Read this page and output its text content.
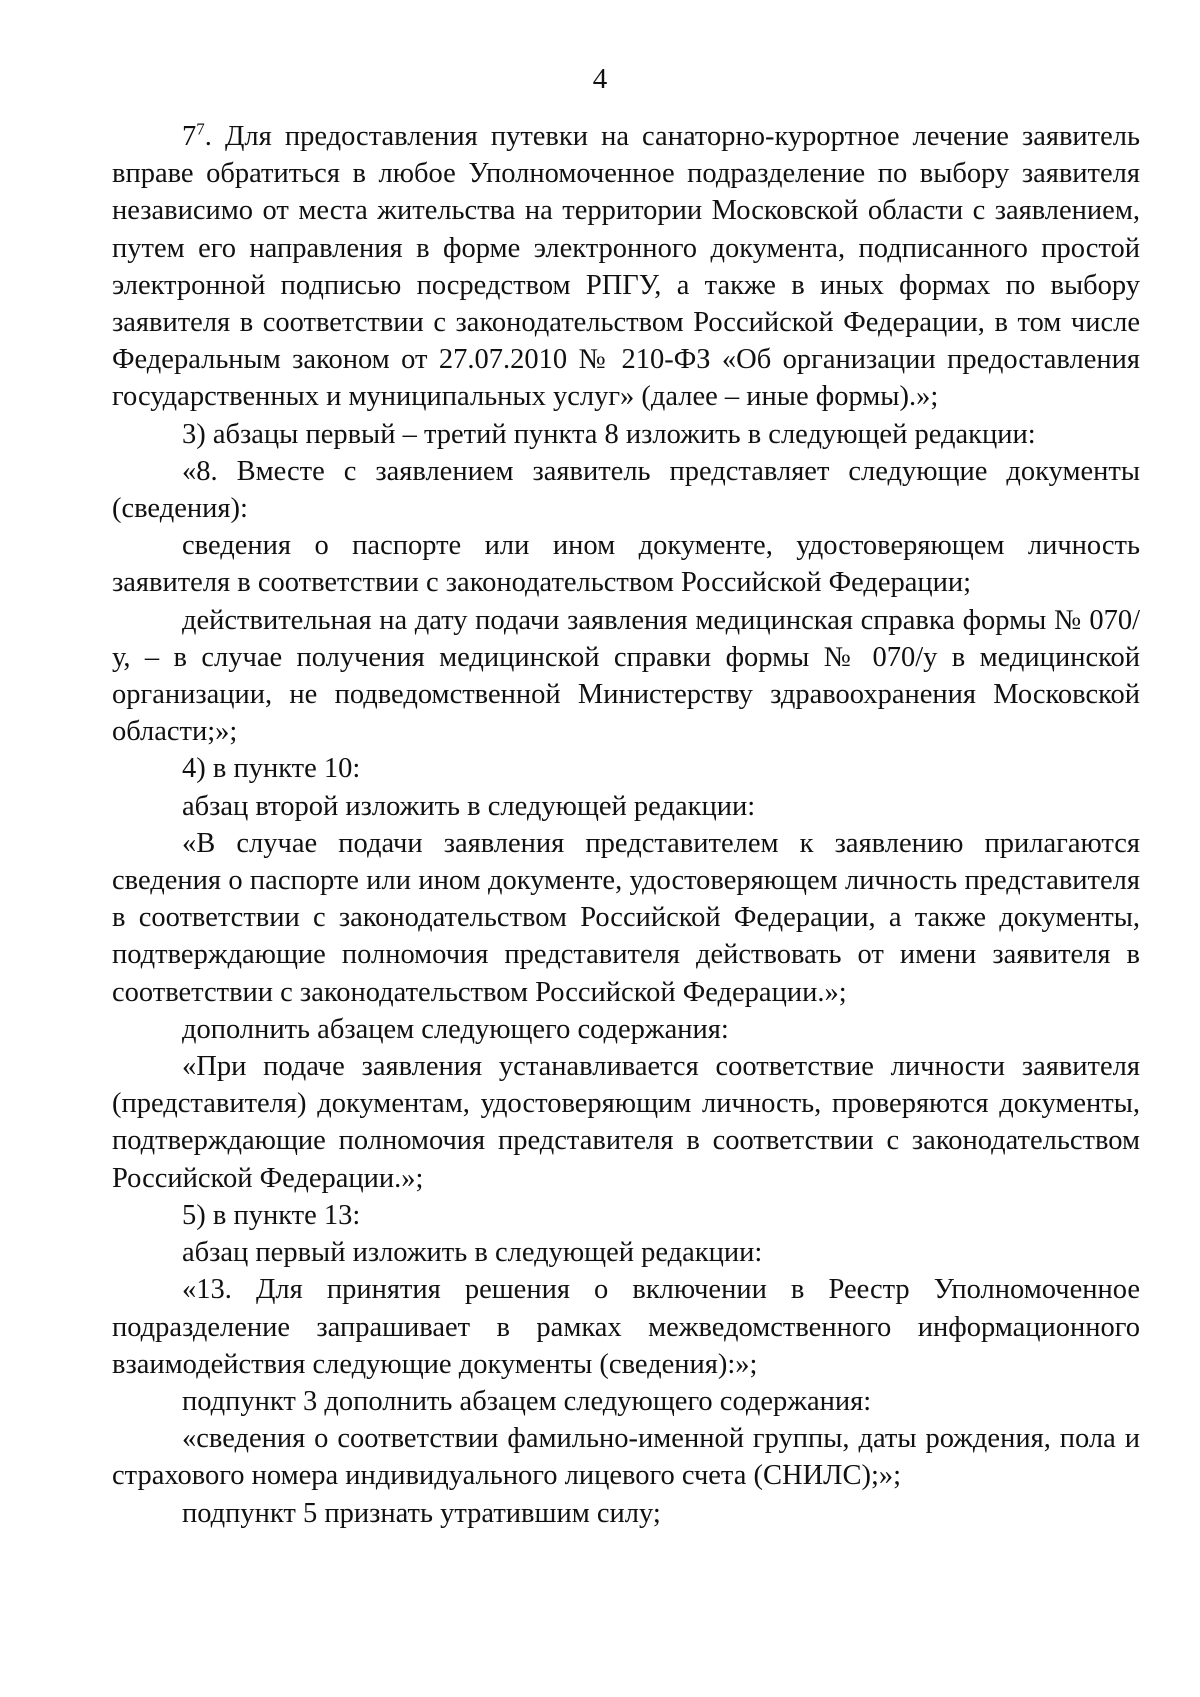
4

$7^7$. Для предоставления путевки на санаторно-курортное лечение заявитель вправе обратиться в любое Уполномоченное подразделение по выбору заявителя независимо от места жительства на территории Московской области с заявлением, путем его направления в форме электронного документа, подписанного простой электронной подписью посредством РПГУ, а также в иных формах по выбору заявителя в соответствии с законодательством Российской Федерации, в том числе Федеральным законом от 27.07.2010 № 210-ФЗ «Об организации предоставления государственных и муниципальных услуг» (далее – иные формы).»;

3) абзацы первый – третий пункта 8 изложить в следующей редакции:

«8. Вместе с заявлением заявитель представляет следующие документы (сведения):

сведения о паспорте или ином документе, удостоверяющем личность заявителя в соответствии с законодательством Российской Федерации;

действительная на дату подачи заявления медицинская справка формы № 070/у, – в случае получения медицинской справки формы № 070/у в медицинской организации, не подведомственной Министерству здравоохранения Московской области;»;

4) в пункте 10:

абзац второй изложить в следующей редакции:

«В случае подачи заявления представителем к заявлению прилагаются сведения о паспорте или ином документе, удостоверяющем личность представителя в соответствии с законодательством Российской Федерации, а также документы, подтверждающие полномочия представителя действовать от имени заявителя в соответствии с законодательством Российской Федерации.»;

дополнить абзацем следующего содержания:

«При подаче заявления устанавливается соответствие личности заявителя (представителя) документам, удостоверяющим личность, проверяются документы, подтверждающие полномочия представителя в соответствии с законодательством Российской Федерации.»;

5) в пункте 13:

абзац первый изложить в следующей редакции:

«13. Для принятия решения о включении в Реестр Уполномоченное подразделение запрашивает в рамках межведомственного информационного взаимодействия следующие документы (сведения):»;

подпункт 3 дополнить абзацем следующего содержания:

«сведения о соответствии фамильно-именной группы, даты рождения, пола и страхового номера индивидуального лицевого счета (СНИЛС);»;

подпункт 5 признать утратившим силу;
